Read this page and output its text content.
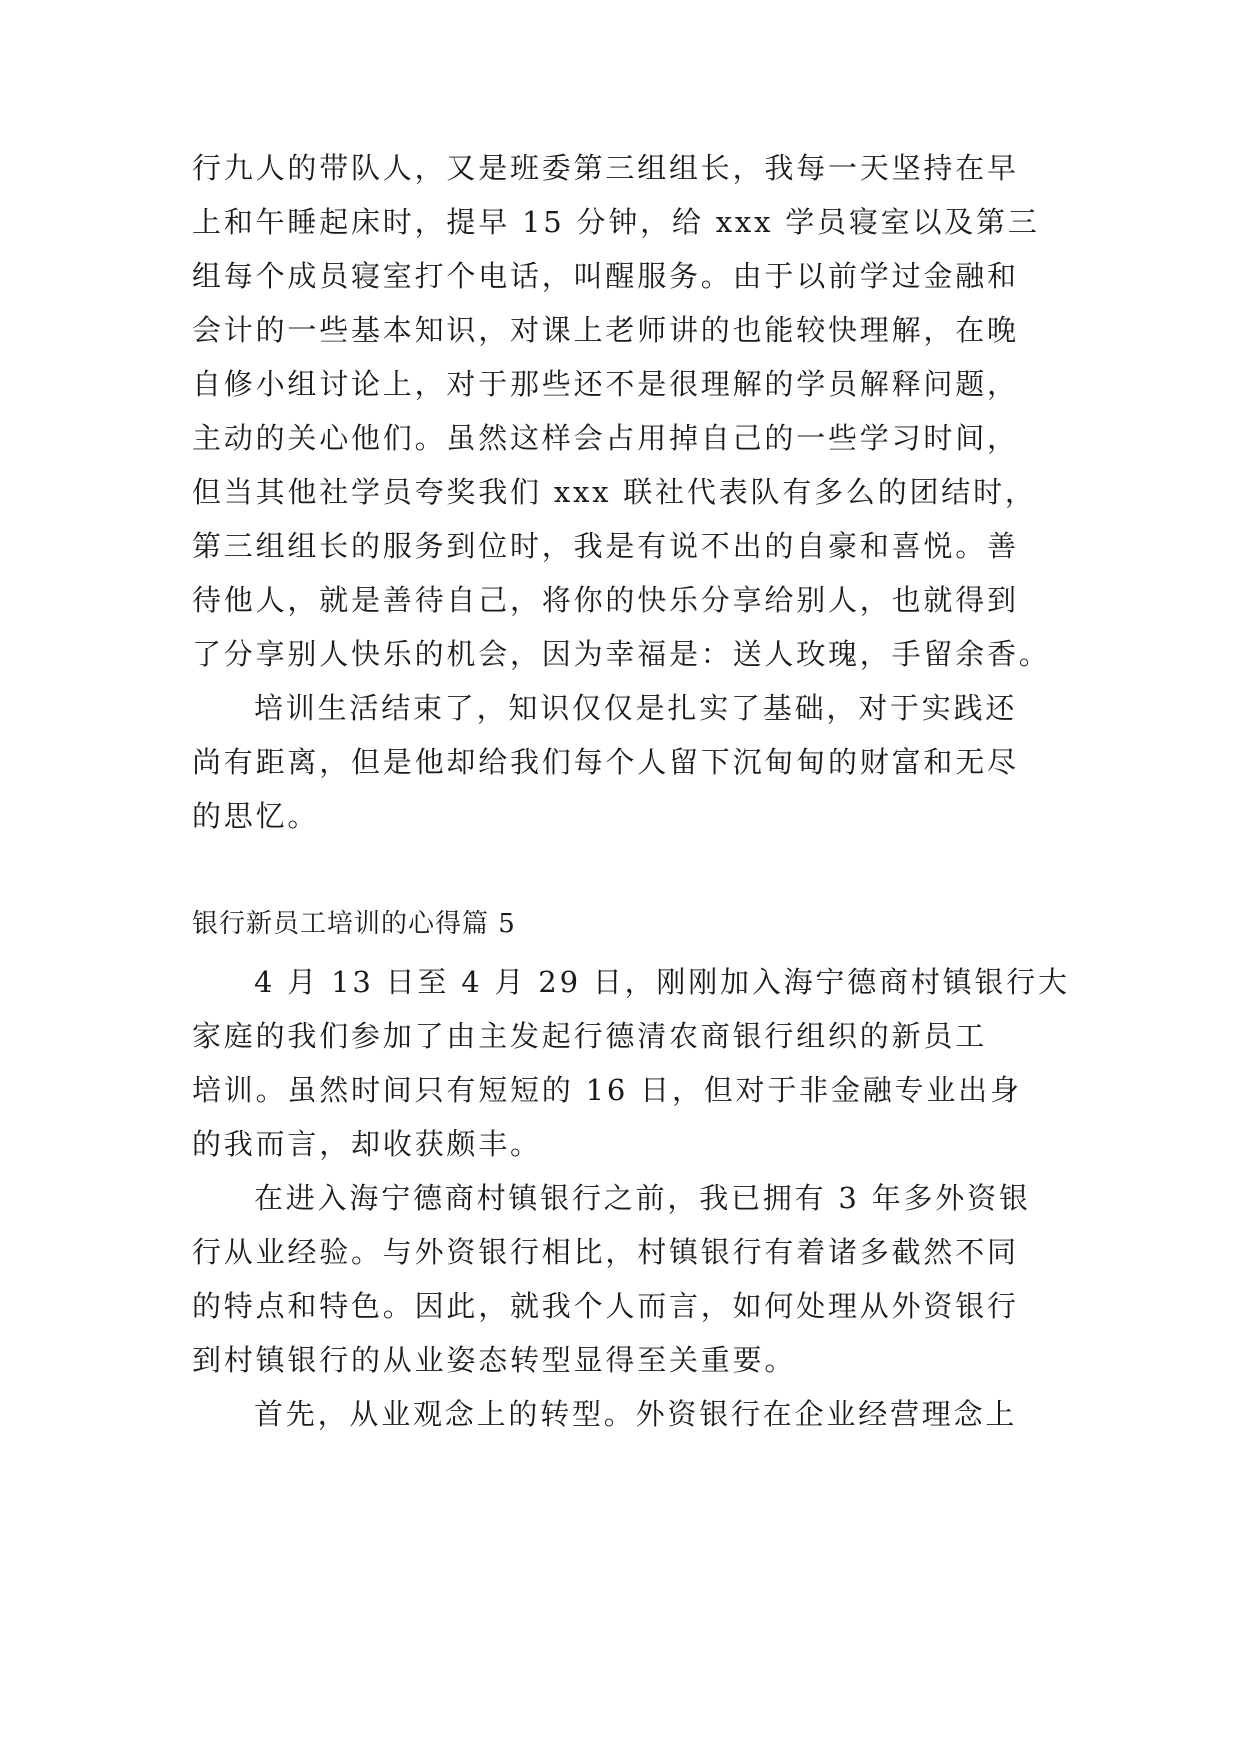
行九人的带队人，又是班委第三组组长，我每一天坚持在早
上和午睡起床时，提早 15 分钟，给 xxx 学员寝室以及第三
组每个成员寝室打个电话，叫醒服务。由于以前学过金融和
会计的一些基本知识，对课上老师讲的也能较快理解，在晚
自修小组讨论上，对于那些还不是很理解的学员解释问题，
主动的关心他们。虽然这样会占用掉自己的一些学习时间，
但当其他社学员夸奖我们 xxx 联社代表队有多么的团结时，
第三组组长的服务到位时，我是有说不出的自豪和喜悦。善
待他人，就是善待自己，将你的快乐分享给别人，也就得到
了分享别人快乐的机会，因为幸福是：送人玫瑰，手留余香。
培训生活结束了，知识仅仅是扎实了基础，对于实践还
尚有距离，但是他却给我们每个人留下沉甸甸的财富和无尽
的思忆。
银行新员工培训的心得篇 5
4 月 13 日至 4 月 29 日，刚刚加入海宁德商村镇银行大
家庭的我们参加了由主发起行德清农商银行组织的新员工
培训。虽然时间只有短短的 16 日，但对于非金融专业出身
的我而言，却收获颇丰。
在进入海宁德商村镇银行之前，我已拥有 3 年多外资银
行从业经验。与外资银行相比，村镇银行有着诸多截然不同
的特点和特色。因此，就我个人而言，如何处理从外资银行
到村镇银行的从业姿态转型显得至关重要。
首先，从业观念上的转型。外资银行在企业经营理念上
